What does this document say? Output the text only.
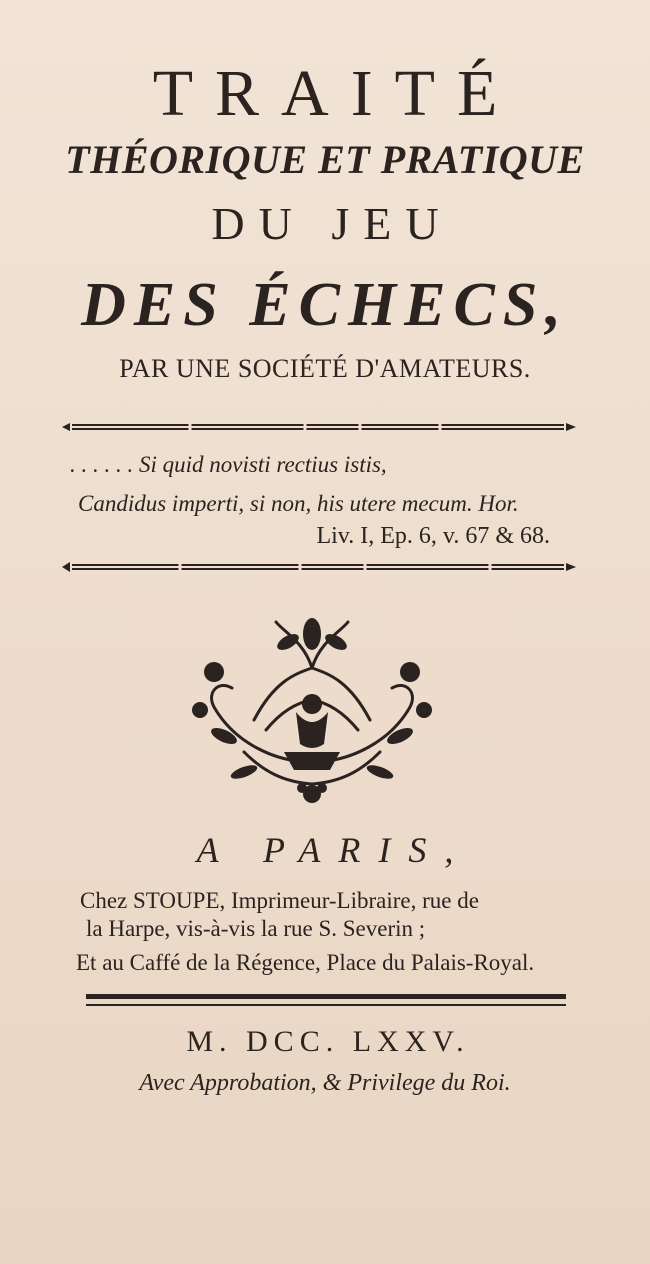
TRAITÉ
THÉORIQUE ET PRATIQUE
DU JEU
DES ÉCHECS,
PAR UNE SOCIÉTÉ D'AMATEURS.
. . . . . . Si quid novisti rectius istis,
Candidus imperti, si non, his utere mecum. Hor.
Liv. I, Ep. 6, v. 67 & 68.
A PARIS,
Chez STOUPE, Imprimeur-Libraire, rue de
la Harpe, vis-à-vis la rue S. Severin ;
Et au Caffé de la Régence, Place du Palais-Royal.
M. DCC. LXXV.
Avec Approbation, & Privilege du Roi.
